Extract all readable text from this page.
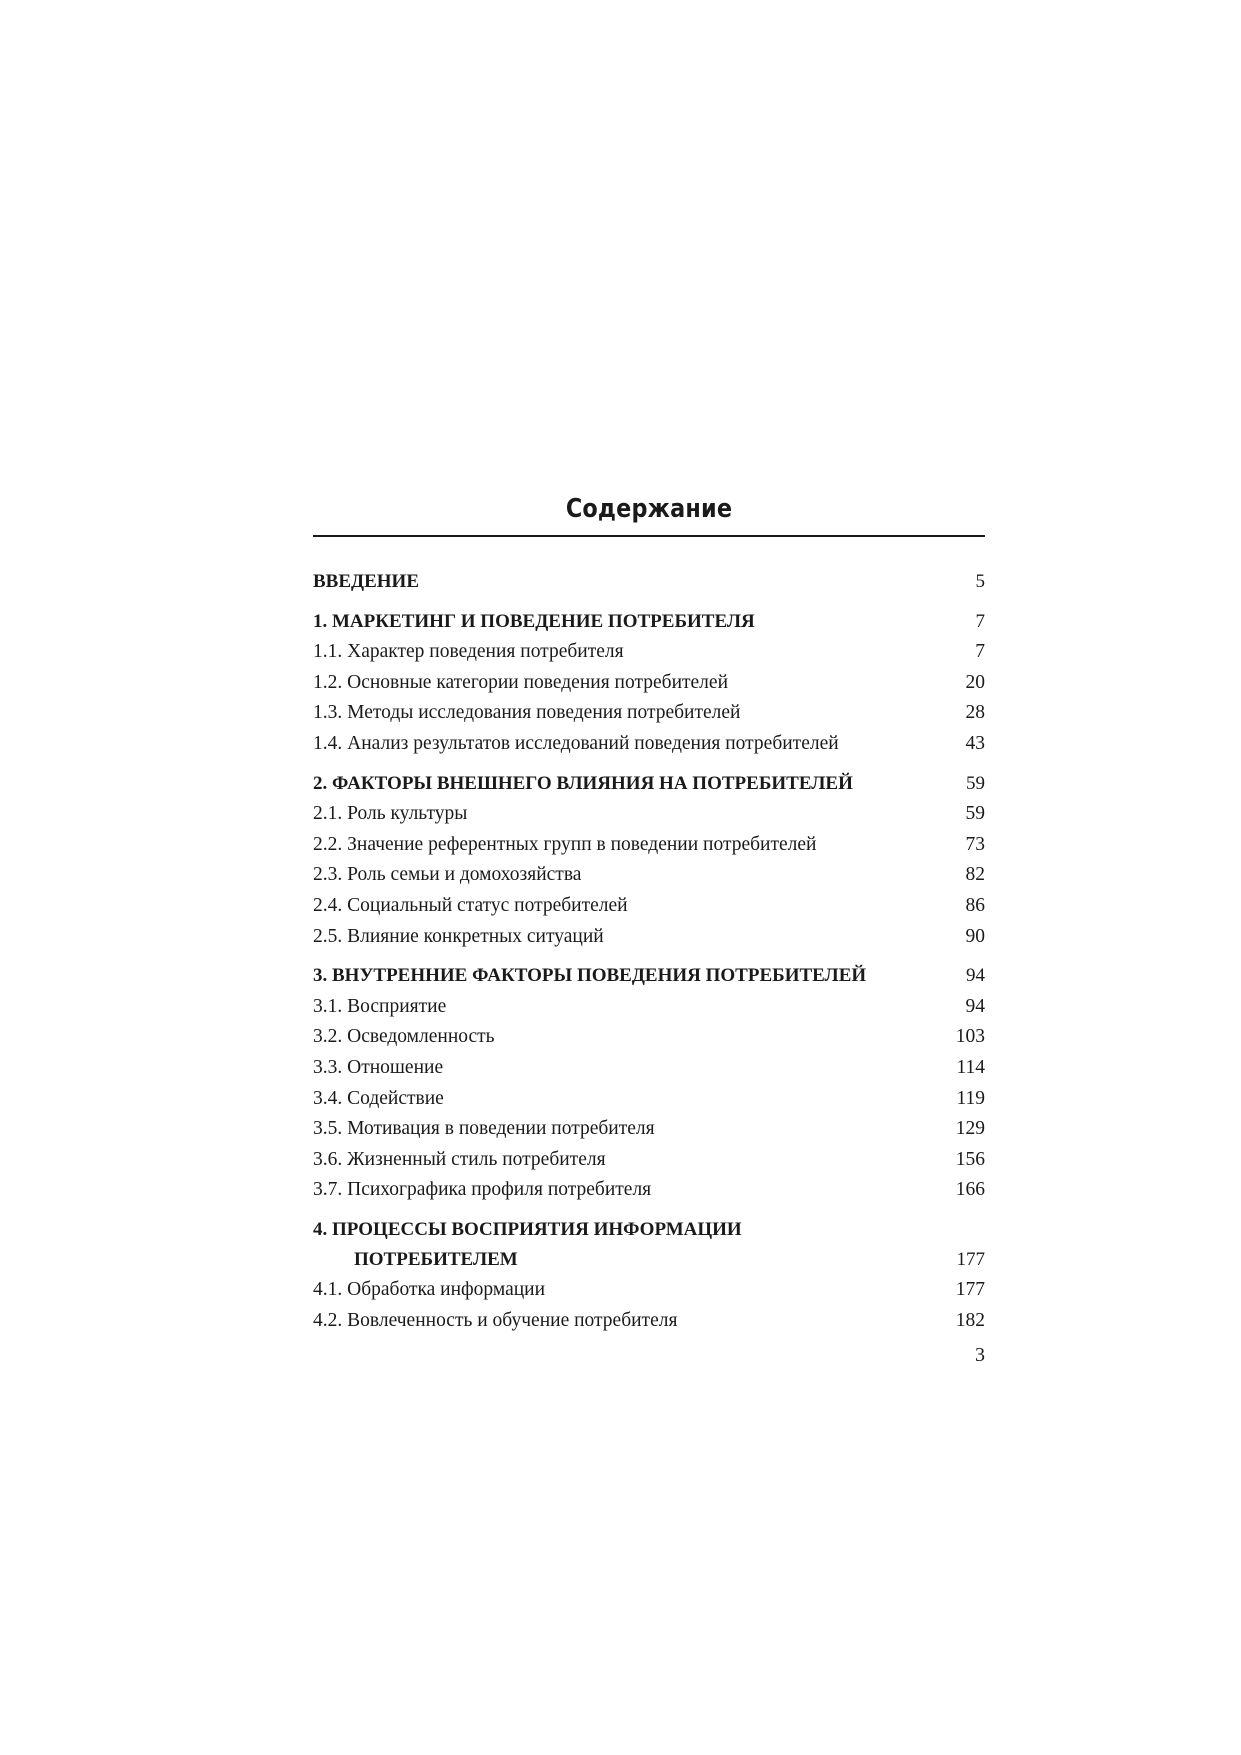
Содержание
ВВЕДЕНИЕ	5
1. МАРКЕТИНГ И ПОВЕДЕНИЕ ПОТРЕБИТЕЛЯ	7
1.1. Характер поведения потребителя	7
1.2. Основные категории поведения потребителей	20
1.3. Методы исследования поведения потребителей	28
1.4. Анализ результатов исследований поведения потребителей	43
2. ФАКТОРЫ ВНЕШНЕГО ВЛИЯНИЯ НА ПОТРЕБИТЕЛЕЙ	59
2.1. Роль культуры	59
2.2. Значение референтных групп в поведении потребителей	73
2.3. Роль семьи и домохозяйства	82
2.4. Социальный статус потребителей	86
2.5. Влияние конкретных ситуаций	90
3. ВНУТРЕННИЕ ФАКТОРЫ ПОВЕДЕНИЯ ПОТРЕБИТЕЛЕЙ	94
3.1. Восприятие	94
3.2. Осведомленность	103
3.3. Отношение	114
3.4. Содействие	119
3.5. Мотивация в поведении потребителя	129
3.6. Жизненный стиль потребителя	156
3.7. Психографика профиля потребителя	166
4. ПРОЦЕССЫ ВОСПРИЯТИЯ ИНФОРМАЦИИ
ПОТРЕБИТЕЛЕМ	177
4.1. Обработка информации	177
4.2. Вовлеченность и обучение потребителя	182
3
